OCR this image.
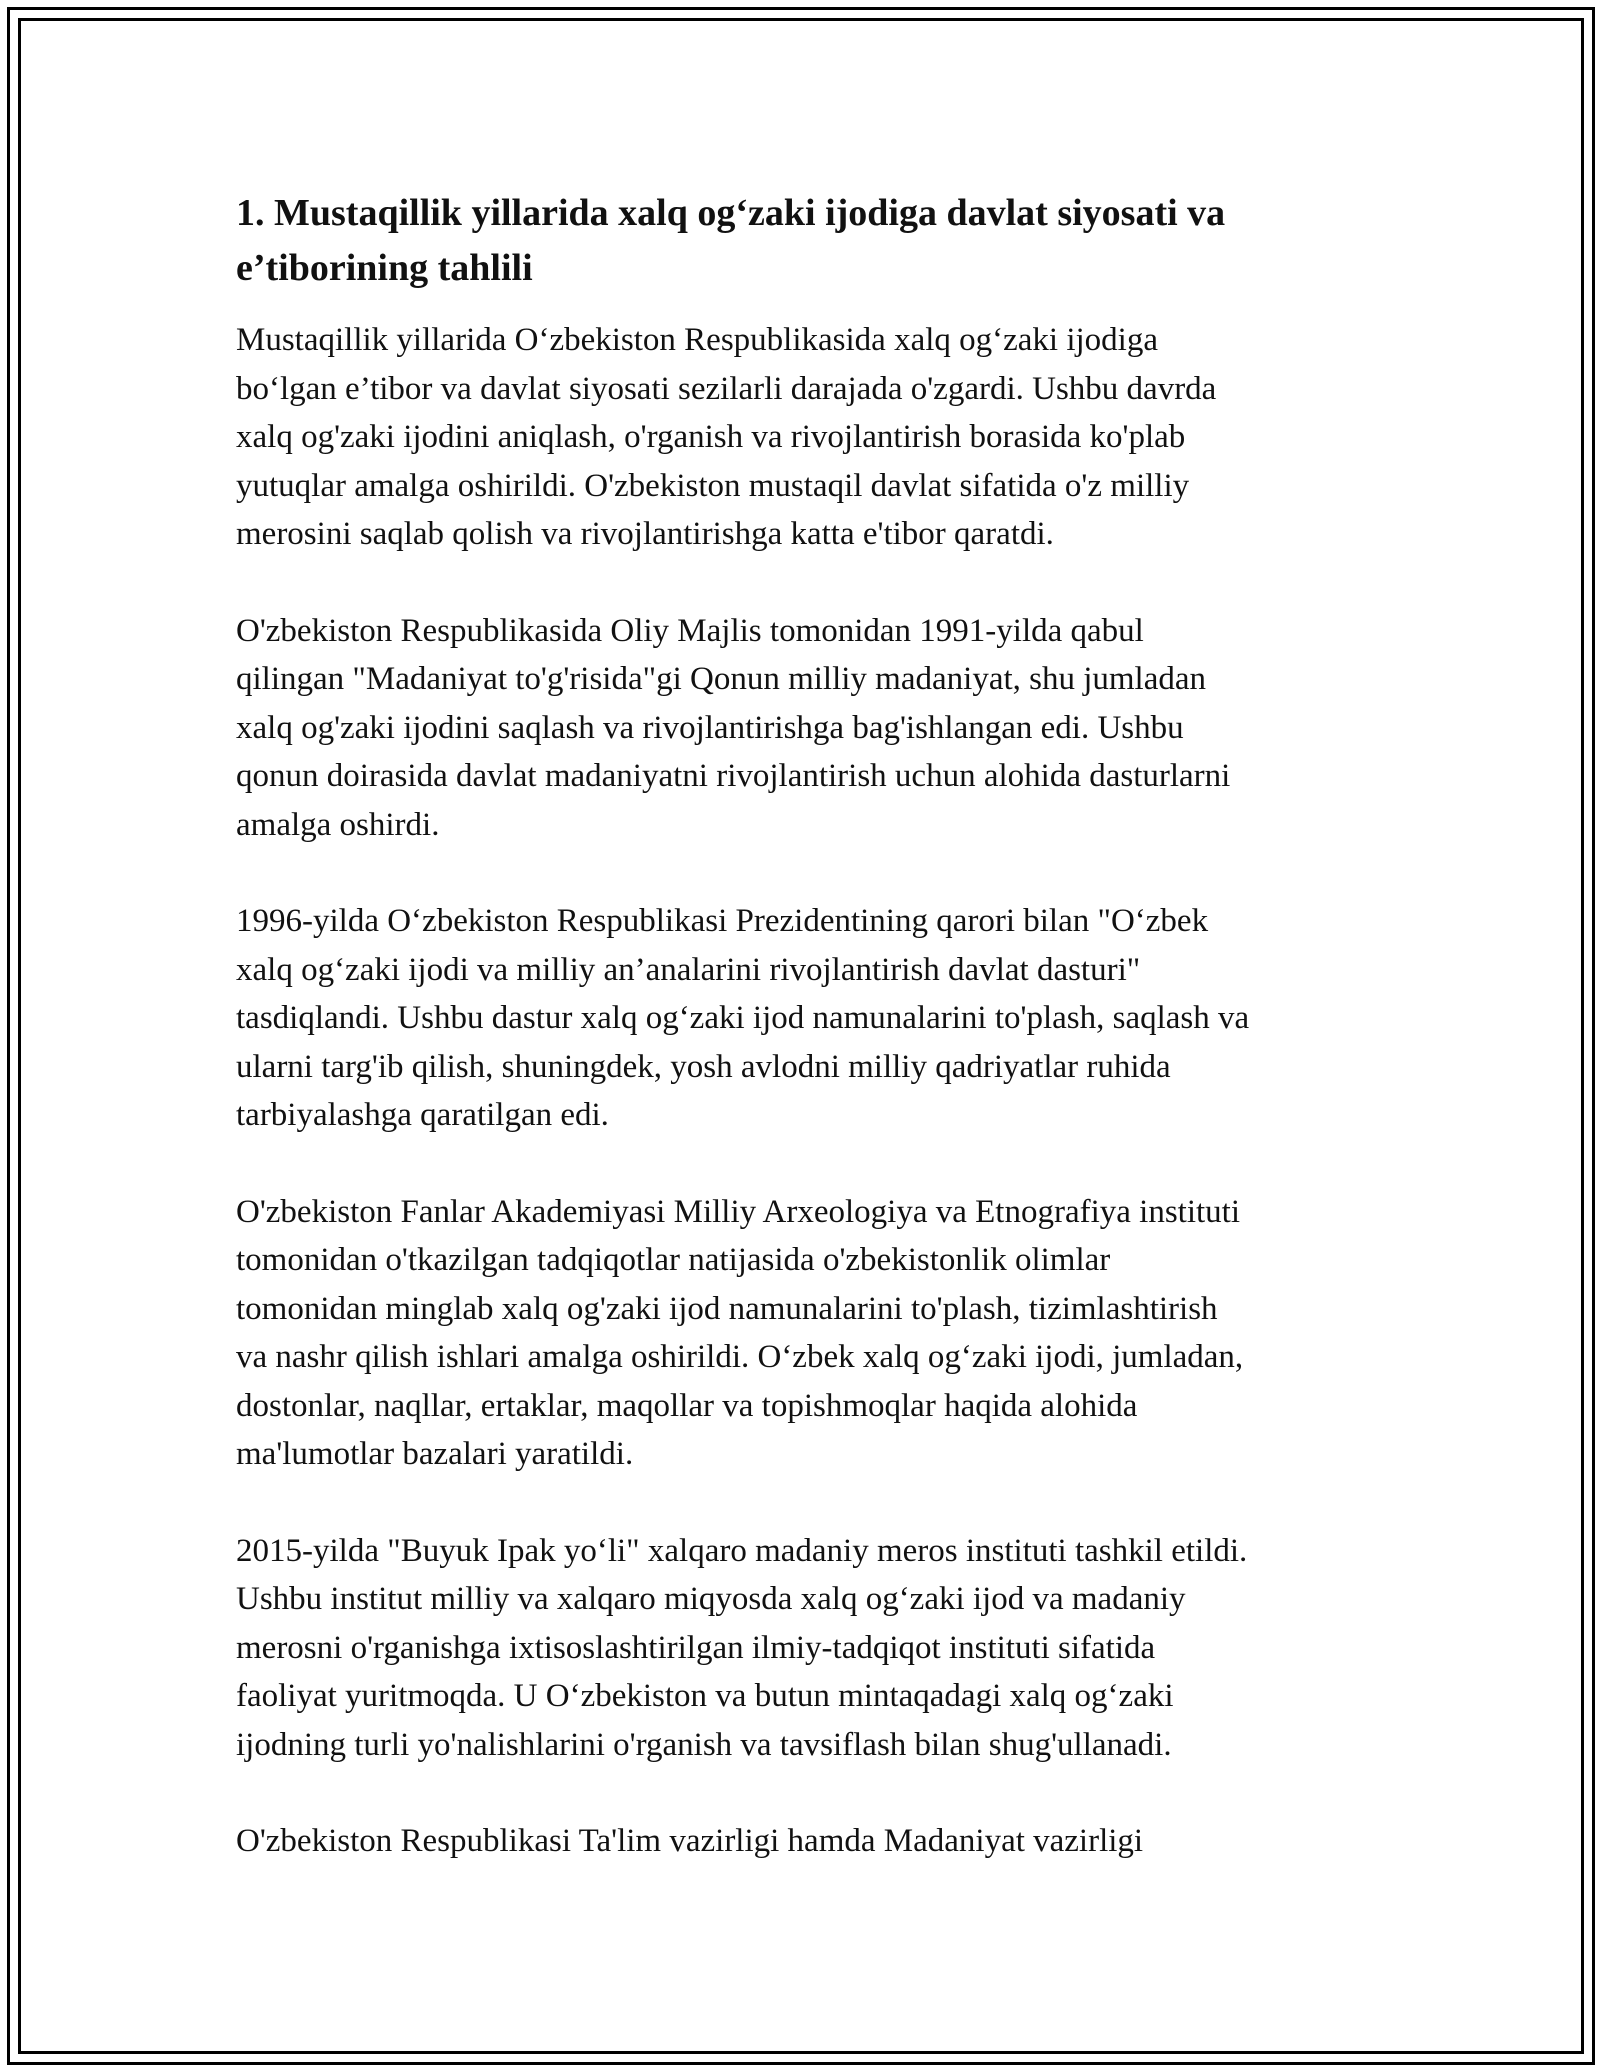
1. Mustaqillik yillarida xalq og‘zaki ijodiga davlat siyosati va
e’tiborining tahlili

Mustaqillik yillarida O‘zbekiston Respublikasida xalq og‘zaki ijodiga
bo‘lgan e’tibor va davlat siyosati sezilarli darajada o'zgardi. Ushbu davrda
xalq og'zaki ijodini aniqlash, o'rganish va rivojlantirish borasida ko'plab
yutuqlar amalga oshirildi. O'zbekiston mustaqil davlat sifatida o'z milliy
merosini saqlab qolish va rivojlantirishga katta e'tibor qaratdi.

O'zbekiston Respublikasida Oliy Majlis tomonidan 1991-yilda qabul
qilingan "Madaniyat to'g'risida"gi Qonun milliy madaniyat, shu jumladan
xalq og'zaki ijodini saqlash va rivojlantirishga bag'ishlangan edi. Ushbu
qonun doirasida davlat madaniyatni rivojlantirish uchun alohida dasturlarni
amalga oshirdi.

1996-yilda O‘zbekiston Respublikasi Prezidentining qarori bilan "O‘zbek
xalq og‘zaki ijodi va milliy an’analarini rivojlantirish davlat dasturi"
tasdiqlandi. Ushbu dastur xalq og‘zaki ijod namunalarini to'plash, saqlash va
ularni targ'ib qilish, shuningdek, yosh avlodni milliy qadriyatlar ruhida
tarbiyalashga qaratilgan edi.

O'zbekiston Fanlar Akademiyasi Milliy Arxeologiya va Etnografiya instituti
tomonidan o'tkazilgan tadqiqotlar natijasida o'zbekistonlik olimlar
tomonidan minglab xalq og'zaki ijod namunalarini to'plash, tizimlashtirish
va nashr qilish ishlari amalga oshirildi. O‘zbek xalq og‘zaki ijodi, jumladan,
dostonlar, naqllar, ertaklar, maqollar va topishmoqlar haqida alohida
ma'lumotlar bazalari yaratildi.

2015-yilda "Buyuk Ipak yo‘li" xalqaro madaniy meros instituti tashkil etildi.
Ushbu institut milliy va xalqaro miqyosda xalq og‘zaki ijod va madaniy
merosni o'rganishga ixtisoslashtirilgan ilmiy-tadqiqot instituti sifatida
faoliyat yuritmoqda. U O‘zbekiston va butun mintaqadagi xalq og‘zaki
ijodning turli yo'nalishlarini o'rganish va tavsiflash bilan shug'ullanadi.

O'zbekiston Respublikasi Ta'lim vazirligi hamda Madaniyat vazirligi
